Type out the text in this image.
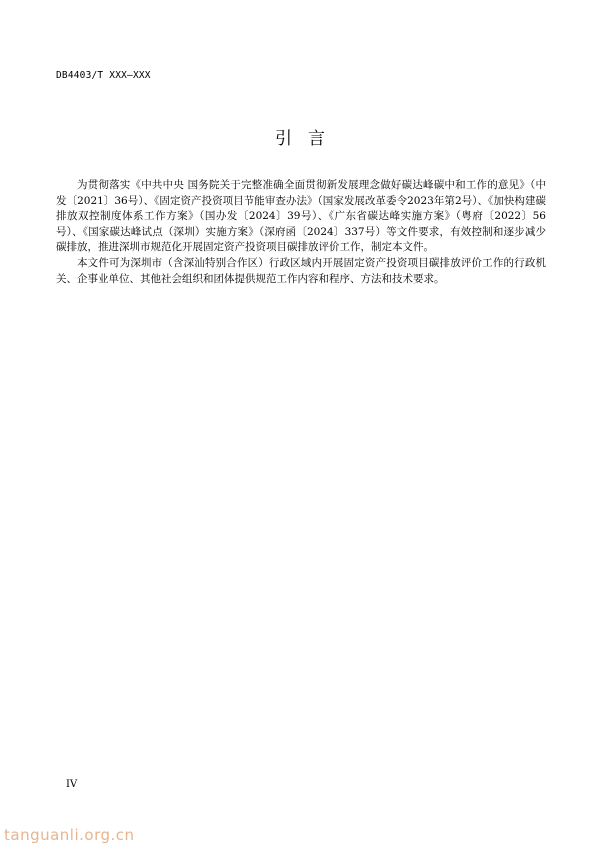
DB4403/T XXX—XXX
引言

为贯彻落实《中共中央 国务院关于完整准确全面贯彻新发展理念做好碳达峰碳中和工作的意见》（中发〔2021〕36号）、《固定资产投资项目节能审查办法》（国家发展改革委令2023年第2号）、《加快构建碳排放双控制度体系工作方案》（国办发〔2024〕39号）、《广东省碳达峰实施方案》（粤府〔2022〕56号）、《国家碳达峰试点（深圳）实施方案》（深府函〔2024〕337号）等文件要求，有效控制和逐步减少碳排放，推进深圳市规范化开展固定资产投资项目碳排放评价工作，制定本文件。

本文件可为深圳市（含深汕特别合作区）行政区域内开展固定资产投资项目碳排放评价工作的行政机关、企事业单位、其他社会组织和团体提供规范工作内容和程序、方法和技术要求。

IV
tanguanli.org.cn
